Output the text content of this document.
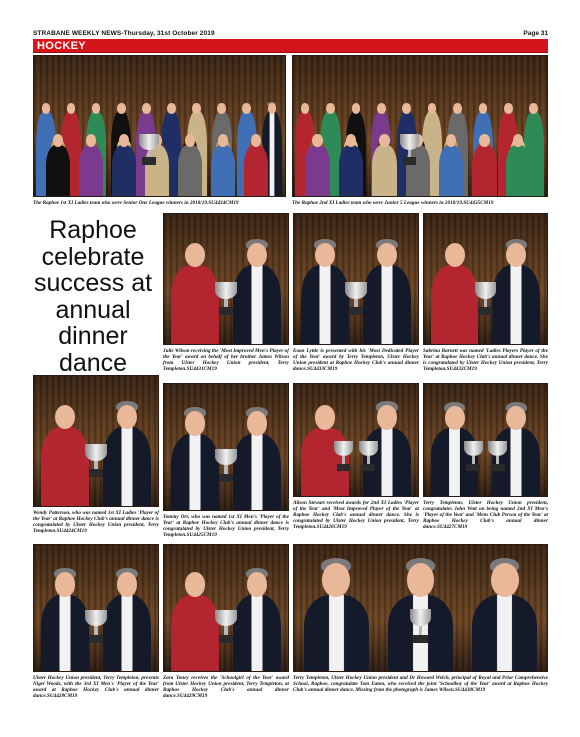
STRABANE WEEKLY NEWS-Thursday, 31st October 2019	Page 31
HOCKEY
The Raphoe 1st XI Ladies team who were Senior One League winners in 2018/19.SU4434CM19	The Raphoe 2nd XI Ladies team who were Junior 5 League winners in 2018/19.SU4435CM19
Raphoe celebrate success at annual dinner dance	Julie Wilson receiving the 'Most Improved Men's Player of the Year' award on behalf of her brother James Wilson from Ulster Hockey Union president, Terry Templeton.SU4431CM19
Eoan Lyttle is presented with his 'Most Dedicated Player of the Year' award by Terry Templeton, Ulster Hockey Union president at Raphoe Hockey Club's annual dinner dance.SU4433CM19
Sabrina Barnett was named 'Ladies Players Player of the Year' at Raphoe Hockey Club's annual dinner dance. She is congratulated by Ulster Hockey Union president, Terry Templeton.SU4432CM19
Wendy Patterson, who was named 1st XI Ladies 'Player of the Year' at Raphoe Hockey Club's annual dinner dance is congratulated by Ulster Hockey Union president, Terry Templeton.SU4424CM19
Tommy Orr, who was named 1st XI Men's 'Player of the Year' at Raphoe Hockey Club's annual dinner dance is congratulated by Ulster Hockey Union president, Terry Templeton.SU4425CM19
Alison Stewart received awards for 2nd XI Ladies 'Player of the Year' and 'Most Improved Player of the Year' at Raphoe Hockey Club's annual dinner dance. She is congratulated by Ulster Hockey Union president, Terry Templeton.SU4426CM19
Terry Templeton, Ulster Hockey Union president, congratulates John Watt on being named 2nd XI Men's 'Player of the Year' and 'Mens Club Person of the Year' at Raphoe Hockey Club's annual dinner dance.SU4427CM19
Ulster Hockey Union president, Terry Templeton, presents Nigel Woods, with the 3rd XI Men's 'Player of the Year' award at Raphoe Hockey Club's annual dinner dance.SU4428CM19
Zara Toney receives the 'Schoolgirl of the Year' award from Ulster Hockey Union president, Terry Templeton, at Raphoe Hockey Club's annual dinner dance.SU4429CM19
Terry Templeton, Ulster Hockey Union president and Dr Howard Welch, principal of Royal and Prior Comprehensive School, Raphoe, congratulate Tom Eaton, who received the joint 'Schoolboy of the Year' award at Raphoe Hockey Club's annual dinner dance. Missing from the photograph is James Wilson.SU4430CM19
